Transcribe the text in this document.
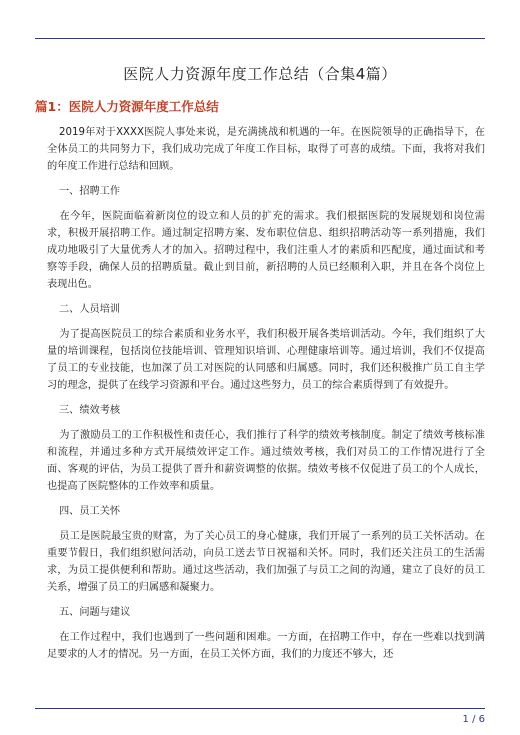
医院人力资源年度工作总结（合集4篇）
篇1：医院人力资源年度工作总结

2019年对于XXXX医院人事处来说，是充满挑战和机遇的一年。在医院领导的正确指导下，在全体员工的共同努力下，我们成功完成了年度工作目标，取得了可喜的成绩。下面，我将对我们的年度工作进行总结和回顾。

一、招聘工作

在今年，医院面临着新岗位的设立和人员的扩充的需求。我们根据医院的发展规划和岗位需求，积极开展招聘工作。通过制定招聘方案、发布职位信息、组织招聘活动等一系列措施，我们成功地吸引了大量优秀人才的加入。招聘过程中，我们注重人才的素质和匹配度，通过面试和考察等手段，确保人员的招聘质量。截止到目前，新招聘的人员已经顺利入职，并且在各个岗位上表现出色。

二、人员培训

为了提高医院员工的综合素质和业务水平，我们积极开展各类培训活动。今年，我们组织了大量的培训课程，包括岗位技能培训、管理知识培训、心理健康培训等。通过培训，我们不仅提高了员工的专业技能，也加深了员工对医院的认同感和归属感。同时，我们还积极推广员工自主学习的理念，提供了在线学习资源和平台。通过这些努力，员工的综合素质得到了有效提升。

三、绩效考核

为了激励员工的工作积极性和责任心，我们推行了科学的绩效考核制度。制定了绩效考核标准和流程，并通过多种方式开展绩效评定工作。通过绩效考核，我们对员工的工作情况进行了全面、客观的评估，为员工提供了晋升和薪资调整的依据。绩效考核不仅促进了员工的个人成长，也提高了医院整体的工作效率和质量。

四、员工关怀

员工是医院最宝贵的财富，为了关心员工的身心健康，我们开展了一系列的员工关怀活动。在重要节假日，我们组织慰问活动，向员工送去节日祝福和关怀。同时，我们还关注员工的生活需求，为员工提供便利和帮助。通过这些活动，我们加强了与员工之间的沟通，建立了良好的员工关系，增强了员工的归属感和凝聚力。

五、问题与建议

在工作过程中，我们也遇到了一些问题和困难。一方面，在招聘工作中，存在一些难以找到满足要求的人才的情况。另一方面，在员工关怀方面，我们的力度还不够大，还

1 / 6
